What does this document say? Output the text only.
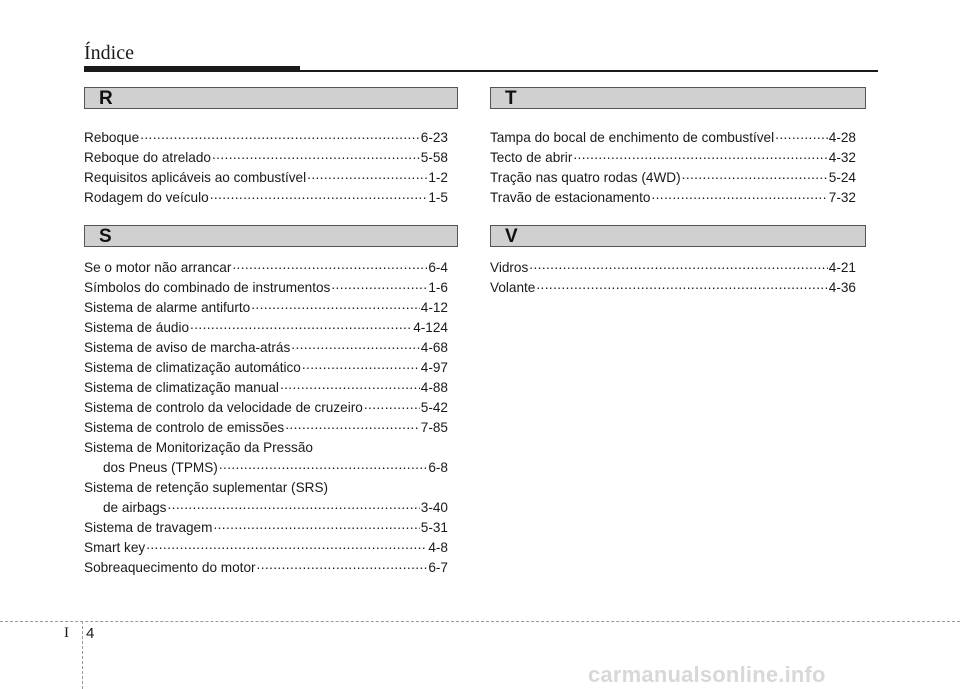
Índice
R
Reboque .....	6-23
Reboque do atrelado .....	5-58
Requisitos aplicáveis ao combustível .....	1-2
Rodagem do veículo .....	1-5
S
Se o motor não arrancar .....	6-4
Símbolos do combinado de instrumentos .....	1-6
Sistema de alarme antifurto .....	4-12
Sistema de áudio .....	4-124
Sistema de aviso de marcha-atrás .....	4-68
Sistema de climatização automático .....	4-97
Sistema de climatização manual .....	4-88
Sistema de controlo da velocidade de cruzeiro .....	5-42
Sistema de controlo de emissões .....	7-85
Sistema de Monitorização da Pressão
dos Pneus (TPMS) .....	6-8
Sistema de retenção suplementar (SRS)
de airbags .....	3-40
Sistema de travagem .....	5-31
Smart key .....	4-8
Sobreaquecimento do motor .....	6-7
T
Tampa do bocal de enchimento de combustível .....	4-28
Tecto de abrir .....	4-32
Tração nas quatro rodas (4WD) .....	5-24
Travão de estacionamento .....	7-32
V
Vidros .....	4-21
Volante .....	4-36
I 4
carmanualsonline.info
